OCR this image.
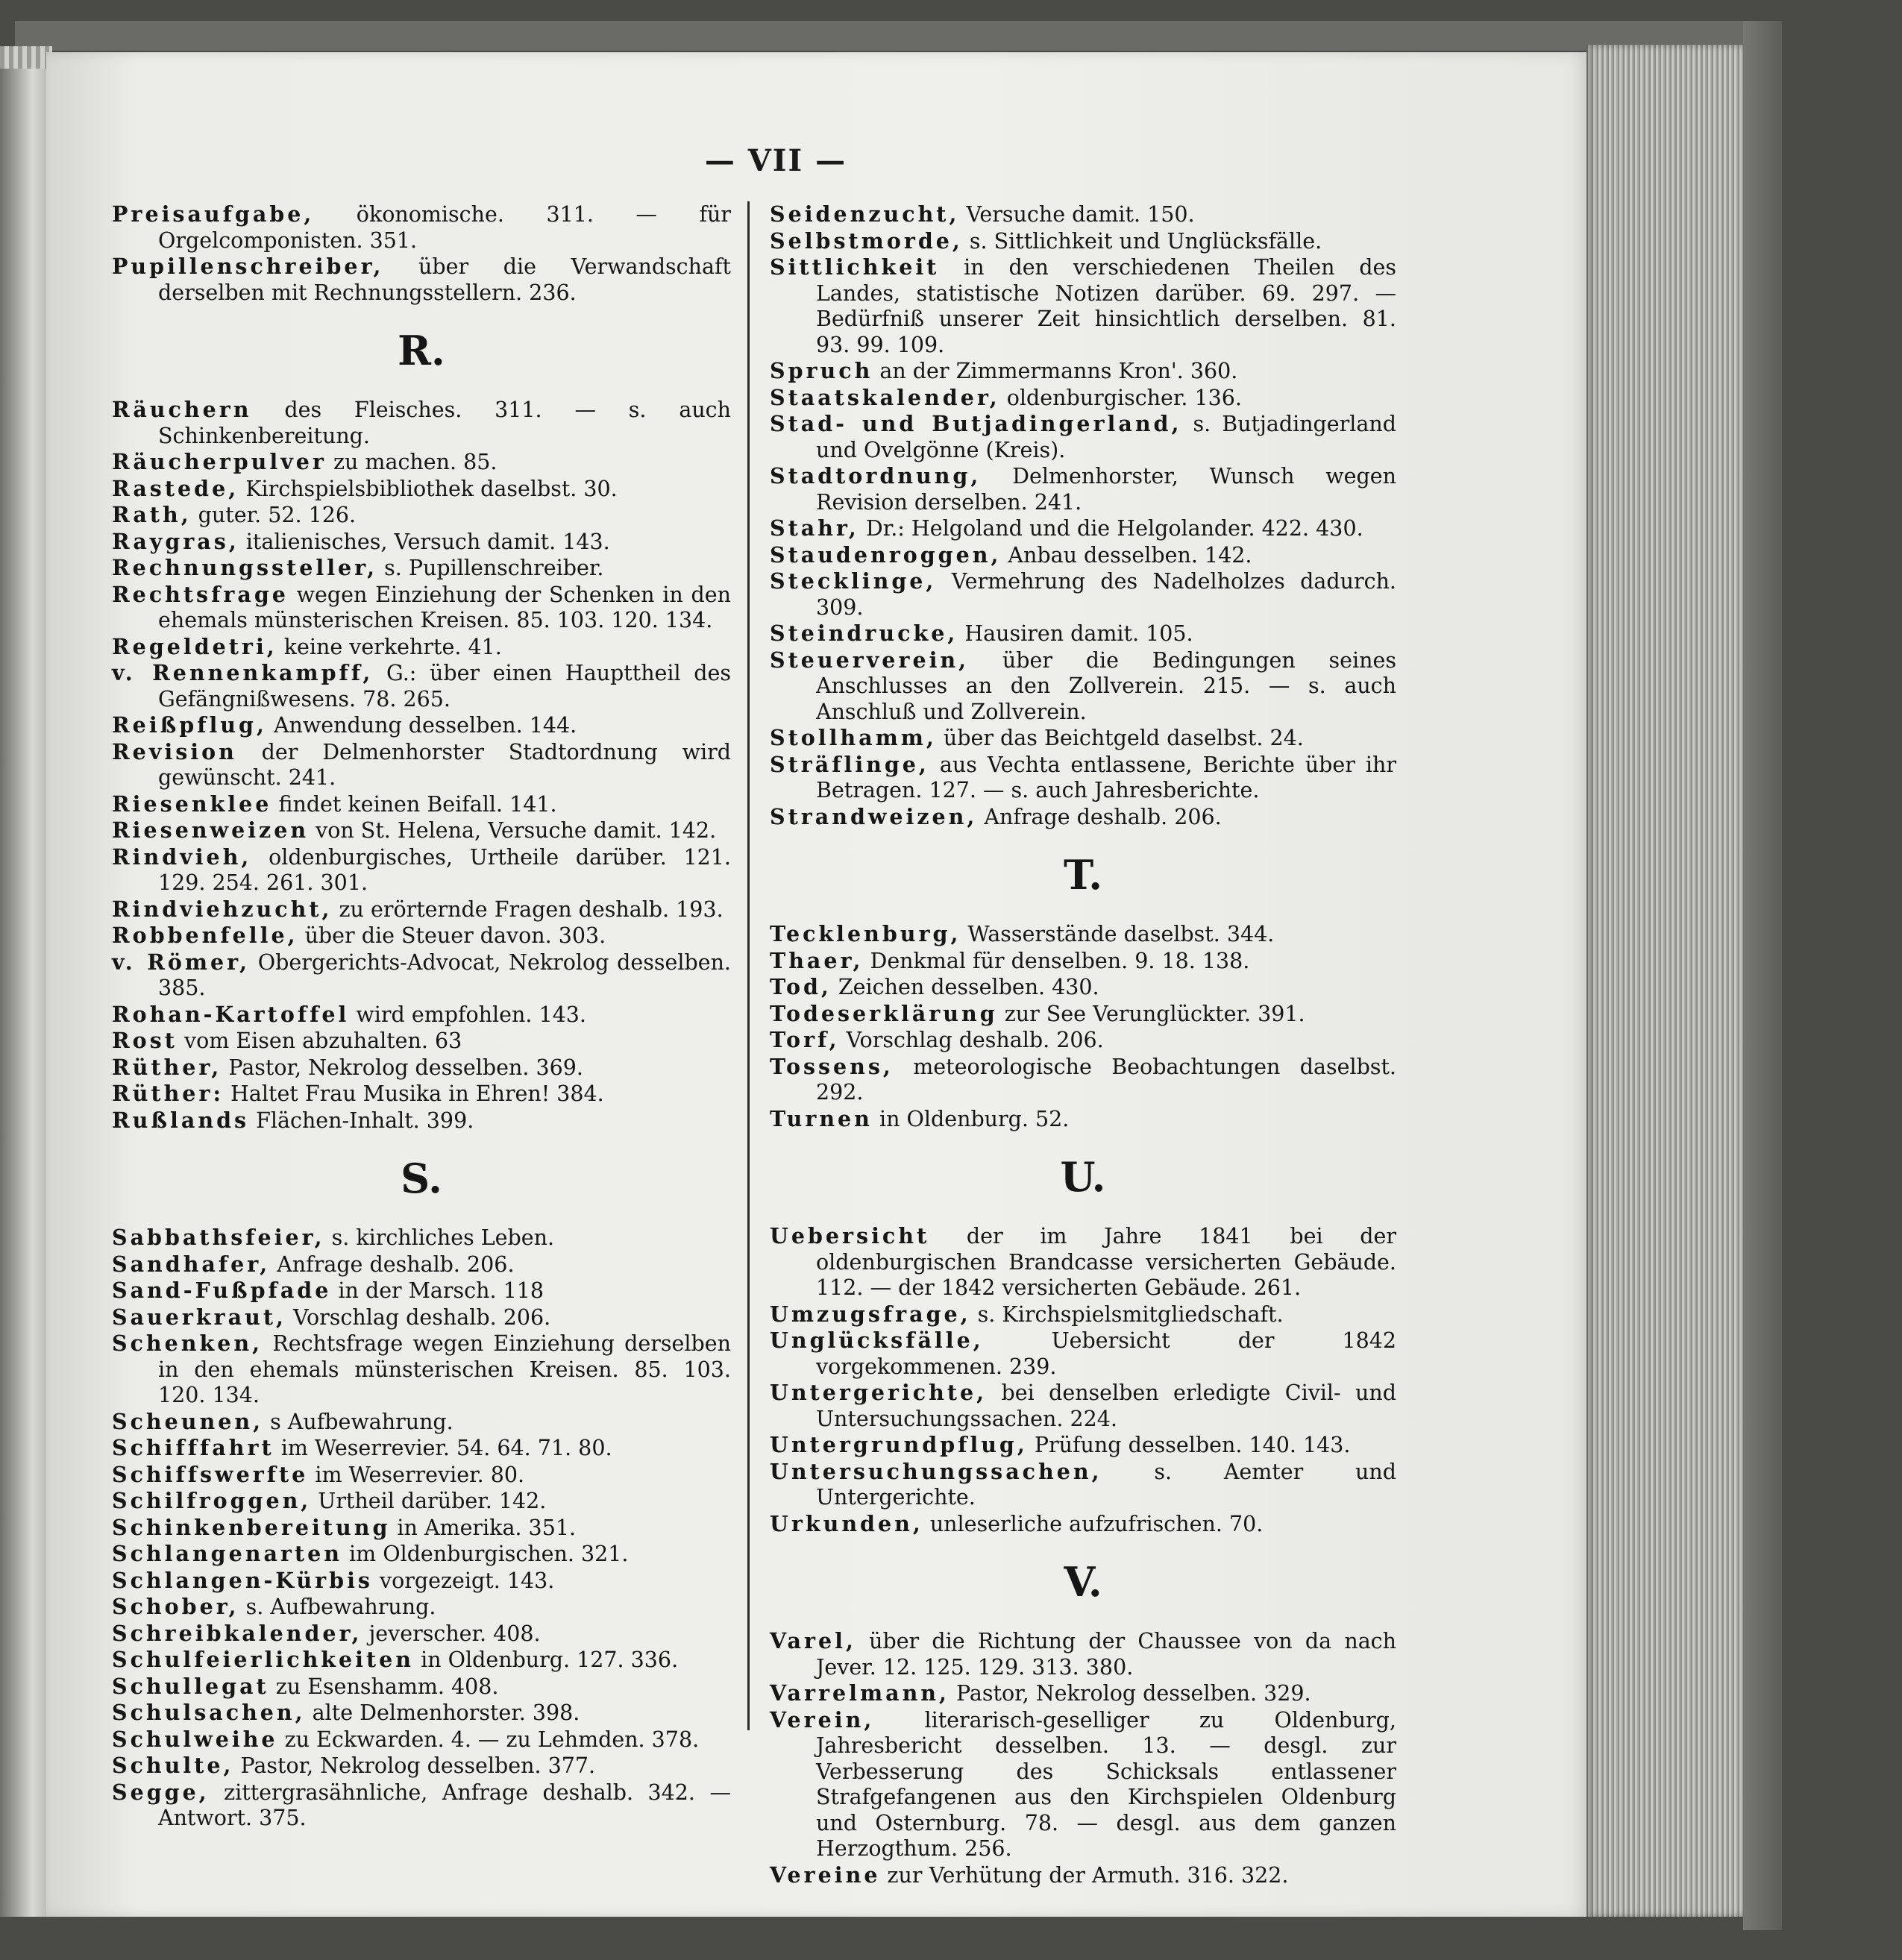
— VII —

Preisaufgabe, ökonomische. 311. — für Orgelcomponisten. 351.

Pupillenschreiber, über die Verwandschaft derselben mit Rechnungsstellern. 236.

R.

Räuchern des Fleisches. 311. — s. auch Schinkenbereitung.

Räucherpulver zu machen. 85.

Rastede, Kirchspielsbibliothek daselbst. 30.

Rath, guter. 52. 126.

Raygras, italienisches, Versuch damit. 143.

Rechnungssteller, s. Pupillenschreiber.

Rechtsfrage wegen Einziehung der Schenken in den ehemals münsterischen Kreisen. 85. 103. 120. 134.

Regeldetri, keine verkehrte. 41.

v. Rennenkampff, G.: über einen Haupttheil des Gefängnißwesens. 78. 265.

Reißpflug, Anwendung desselben. 144.

Revision der Delmenhorster Stadtordnung wird gewünscht. 241.

Riesenklee findet keinen Beifall. 141.

Riesenweizen von St. Helena, Versuche damit. 142.

Rindvieh, oldenburgisches, Urtheile darüber. 121. 129. 254. 261. 301.

Rindviehzucht, zu erörternde Fragen deshalb. 193.

Robbenfelle, über die Steuer davon. 303.

v. Römer, Obergerichts-Advocat, Nekrolog desselben. 385.

Rohan-Kartoffel wird empfohlen. 143.

Rost vom Eisen abzuhalten. 63

Rüther, Pastor, Nekrolog desselben. 369.

Rüther: Haltet Frau Musika in Ehren! 384.

Rußlands Flächen-Inhalt. 399.

S.

Sabbathsfeier, s. kirchliches Leben.

Sandhafer, Anfrage deshalb. 206.

Sand-Fußpfade in der Marsch. 118

Sauerkraut, Vorschlag deshalb. 206.

Schenken, Rechtsfrage wegen Einziehung derselben in den ehemals münsterischen Kreisen. 85. 103. 120. 134.

Scheunen, s Aufbewahrung.

Schifffahrt im Weserrevier. 54. 64. 71. 80.

Schiffswerfte im Weserrevier. 80.

Schilfroggen, Urtheil darüber. 142.

Schinkenbereitung in Amerika. 351.

Schlangenarten im Oldenburgischen. 321.

Schlangen-Kürbis vorgezeigt. 143.

Schober, s. Aufbewahrung.

Schreibkalender, jeverscher. 408.

Schulfeierlichkeiten in Oldenburg. 127. 336.

Schullegat zu Esenshamm. 408.

Schulsachen, alte Delmenhorster. 398.

Schulweihe zu Eckwarden. 4. — zu Lehmden. 378.

Schulte, Pastor, Nekrolog desselben. 377.

Segge, zittergrasähnliche, Anfrage deshalb. 342. — Antwort. 375.

Seidenzucht, Versuche damit. 150.

Selbstmorde, s. Sittlichkeit und Unglücksfälle.

Sittlichkeit in den verschiedenen Theilen des Landes, statistische Notizen darüber. 69. 297. — Bedürfniß unserer Zeit hinsichtlich derselben. 81. 93. 99. 109.

Spruch an der Zimmermanns Kron'. 360.

Staatskalender, oldenburgischer. 136.

Stad- und Butjadingerland, s. Butjadingerland und Ovelgönne (Kreis).

Stadtordnung, Delmenhorster, Wunsch wegen Revision derselben. 241.

Stahr, Dr.: Helgoland und die Helgolander. 422. 430.

Staudenroggen, Anbau desselben. 142.

Stecklinge, Vermehrung des Nadelholzes dadurch. 309.

Steindrucke, Hausiren damit. 105.

Steuerverein, über die Bedingungen seines Anschlusses an den Zollverein. 215. — s. auch Anschluß und Zollverein.

Stollhamm, über das Beichtgeld daselbst. 24.

Sträflinge, aus Vechta entlassene, Berichte über ihr Betragen. 127. — s. auch Jahresberichte.

Strandweizen, Anfrage deshalb. 206.

T.

Tecklenburg, Wasserstände daselbst. 344.

Thaer, Denkmal für denselben. 9. 18. 138.

Tod, Zeichen desselben. 430.

Todeserklärung zur See Verunglückter. 391.

Torf, Vorschlag deshalb. 206.

Tossens, meteorologische Beobachtungen daselbst. 292.

Turnen in Oldenburg. 52.

U.

Uebersicht der im Jahre 1841 bei der oldenburgischen Brandcasse versicherten Gebäude. 112. — der 1842 versicherten Gebäude. 261.

Umzugsfrage, s. Kirchspielsmitgliedschaft.

Unglücksfälle, Uebersicht der 1842 vorgekommenen. 239.

Untergerichte, bei denselben erledigte Civil- und Untersuchungssachen. 224.

Untergrundpflug, Prüfung desselben. 140. 143.

Untersuchungssachen, s. Aemter und Untergerichte.

Urkunden, unleserliche aufzufrischen. 70.

V.

Varel, über die Richtung der Chaussee von da nach Jever. 12. 125. 129. 313. 380.

Varrelmann, Pastor, Nekrolog desselben. 329.

Verein, literarisch-geselliger zu Oldenburg, Jahresbericht desselben. 13. — desgl. zur Verbesserung des Schicksals entlassener Strafgefangenen aus den Kirchspielen Oldenburg und Osternburg. 78. — desgl. aus dem ganzen Herzogthum. 256.

Vereine zur Verhütung der Armuth. 316. 322.
